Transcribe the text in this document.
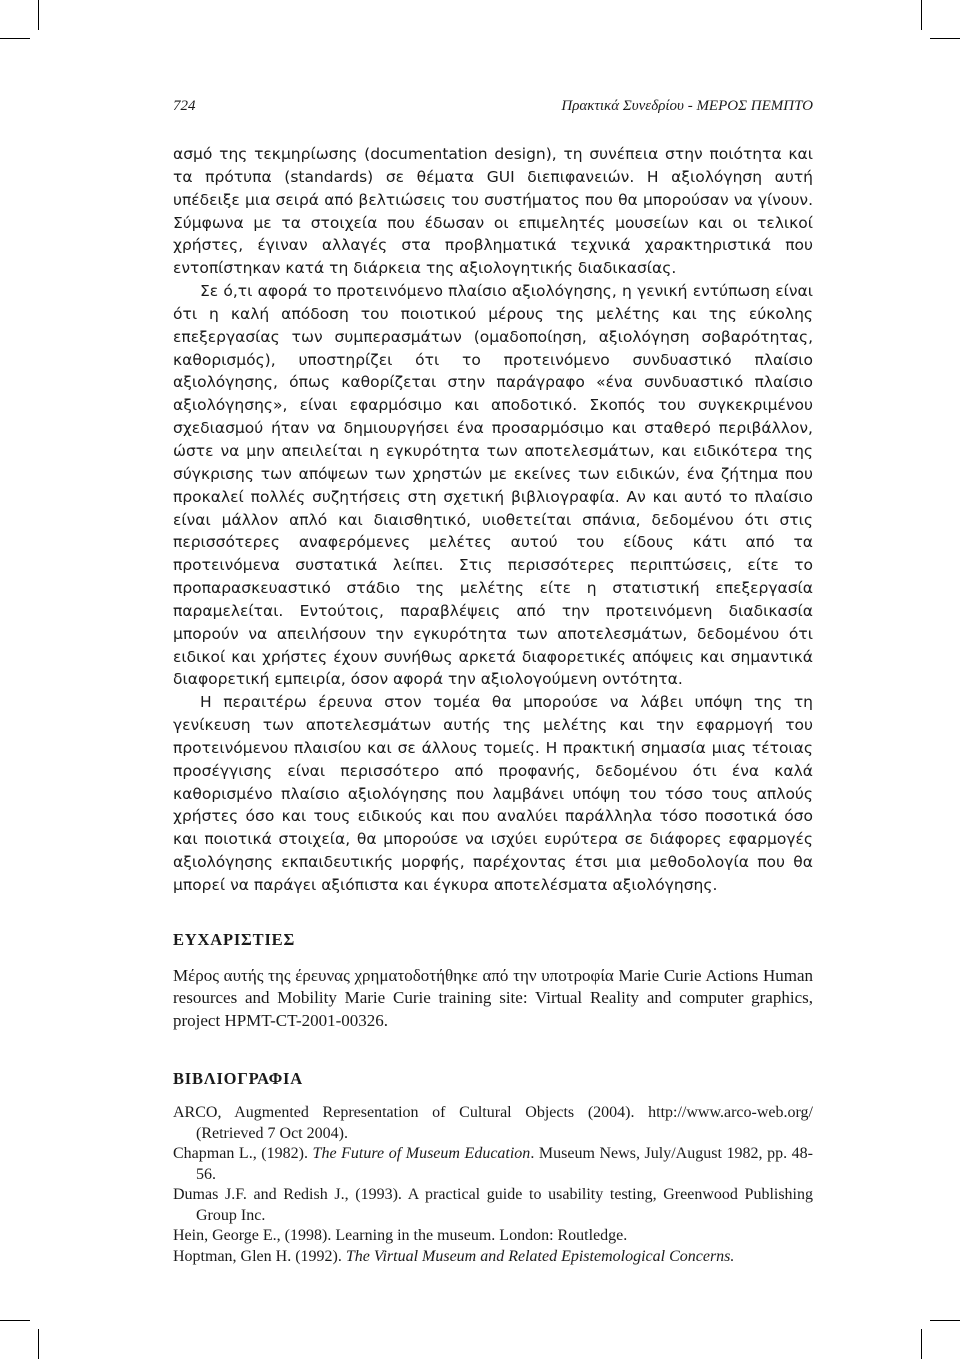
724	Πρακτικά Συνεδρίου - ΜΕΡΟΣ ΠΕΜΠΤΟ

ασμό της τεκμηρίωσης (documentation design), τη συνέπεια στην ποιότητα και τα πρότυπα (standards) σε θέματα GUI διεπιφανειών. Η αξιολόγηση αυτή υπέδειξε μια σειρά από βελτιώσεις του συστήματος που θα μπορούσαν να γίνουν. Σύμφωνα με τα στοιχεία που έδωσαν οι επιμελητές μουσείων και οι τελικοί χρήστες, έγιναν αλλαγές στα προβληματικά τεχνικά χαρακτηριστικά που εντοπίστηκαν κατά τη διάρκεια της αξιολογητικής διαδικασίας.

Σε ό,τι αφορά το προτεινόμενο πλαίσιο αξιολόγησης, η γενική εντύπωση είναι ότι η καλή απόδοση του ποιοτικού μέρους της μελέτης και της εύκολης επεξεργασίας των συμπερασμάτων (ομαδοποίηση, αξιολόγηση σοβαρότητας, καθορισμός), υποστηρίζει ότι το προτεινόμενο συνδυαστικό πλαίσιο αξιολόγησης, όπως καθορίζεται στην παράγραφο «ένα συνδυαστικό πλαίσιο αξιολόγησης», είναι εφαρμόσιμο και αποδοτικό. Σκοπός του συγκεκριμένου σχεδιασμού ήταν να δημιουργήσει ένα προσαρμόσιμο και σταθερό περιβάλλον, ώστε να μην απειλείται η εγκυρότητα των αποτελεσμάτων, και ειδικότερα της σύγκρισης των απόψεων των χρηστών με εκείνες των ειδικών, ένα ζήτημα που προκαλεί πολλές συζητήσεις στη σχετική βιβλιογραφία. Αν και αυτό το πλαίσιο είναι μάλλον απλό και διαισθητικό, υιοθετείται σπάνια, δεδομένου ότι στις περισσότερες αναφερόμενες μελέτες αυτού του είδους κάτι από τα προτεινόμενα συστατικά λείπει. Στις περισσότερες περιπτώσεις, είτε το προπαρασκευαστικό στάδιο της μελέτης είτε η στατιστική επεξεργασία παραμελείται. Εντούτοις, παραβλέψεις από την προτεινόμενη διαδικασία μπορούν να απειλήσουν την εγκυρότητα των αποτελεσμάτων, δεδομένου ότι ειδικοί και χρήστες έχουν συνήθως αρκετά διαφορετικές απόψεις και σημαντικά διαφορετική εμπειρία, όσον αφορά την αξιολογούμενη οντότητα.

Η περαιτέρω έρευνα στον τομέα θα μπορούσε να λάβει υπόψη της τη γενίκευση των αποτελεσμάτων αυτής της μελέτης και την εφαρμογή του προτεινόμενου πλαισίου και σε άλλους τομείς. Η πρακτική σημασία μιας τέτοιας προσέγγισης είναι περισσότερο από προφανής, δεδομένου ότι ένα καλά καθορισμένο πλαίσιο αξιολόγησης που λαμβάνει υπόψη του τόσο τους απλούς χρήστες όσο και τους ειδικούς και που αναλύει παράλληλα τόσο ποσοτικά όσο και ποιοτικά στοιχεία, θα μπορούσε να ισχύει ευρύτερα σε διάφορες εφαρμογές αξιολόγησης εκπαιδευτικής μορφής, παρέχοντας έτσι μια μεθοδολογία που θα μπορεί να παράγει αξιόπιστα και έγκυρα αποτελέσματα αξιολόγησης.

ΕΥΧΑΡΙΣΤΙΕΣ

Μέρος αυτής της έρευνας χρηματοδοτήθηκε από την υποτροφία Marie Curie Actions Human resources and Mobility Marie Curie training site: Virtual Reality and computer graphics, project HPMT-CT-2001-00326.

ΒΙΒΛΙΟΓΡΑΦΙΑ
ARCO, Augmented Representation of Cultural Objects (2004). http://www.arco-web.org/ (Retrieved 7 Oct 2004).
Chapman L., (1982). The Future of Museum Education. Museum News, July/August 1982, pp. 48-56.
Dumas J.F. and Redish J., (1993). A practical guide to usability testing, Greenwood Publishing Group Inc.
Hein, George E., (1998). Learning in the museum. London: Routledge.
Hoptman, Glen H. (1992). The Virtual Museum and Related Epistemological Concerns.
